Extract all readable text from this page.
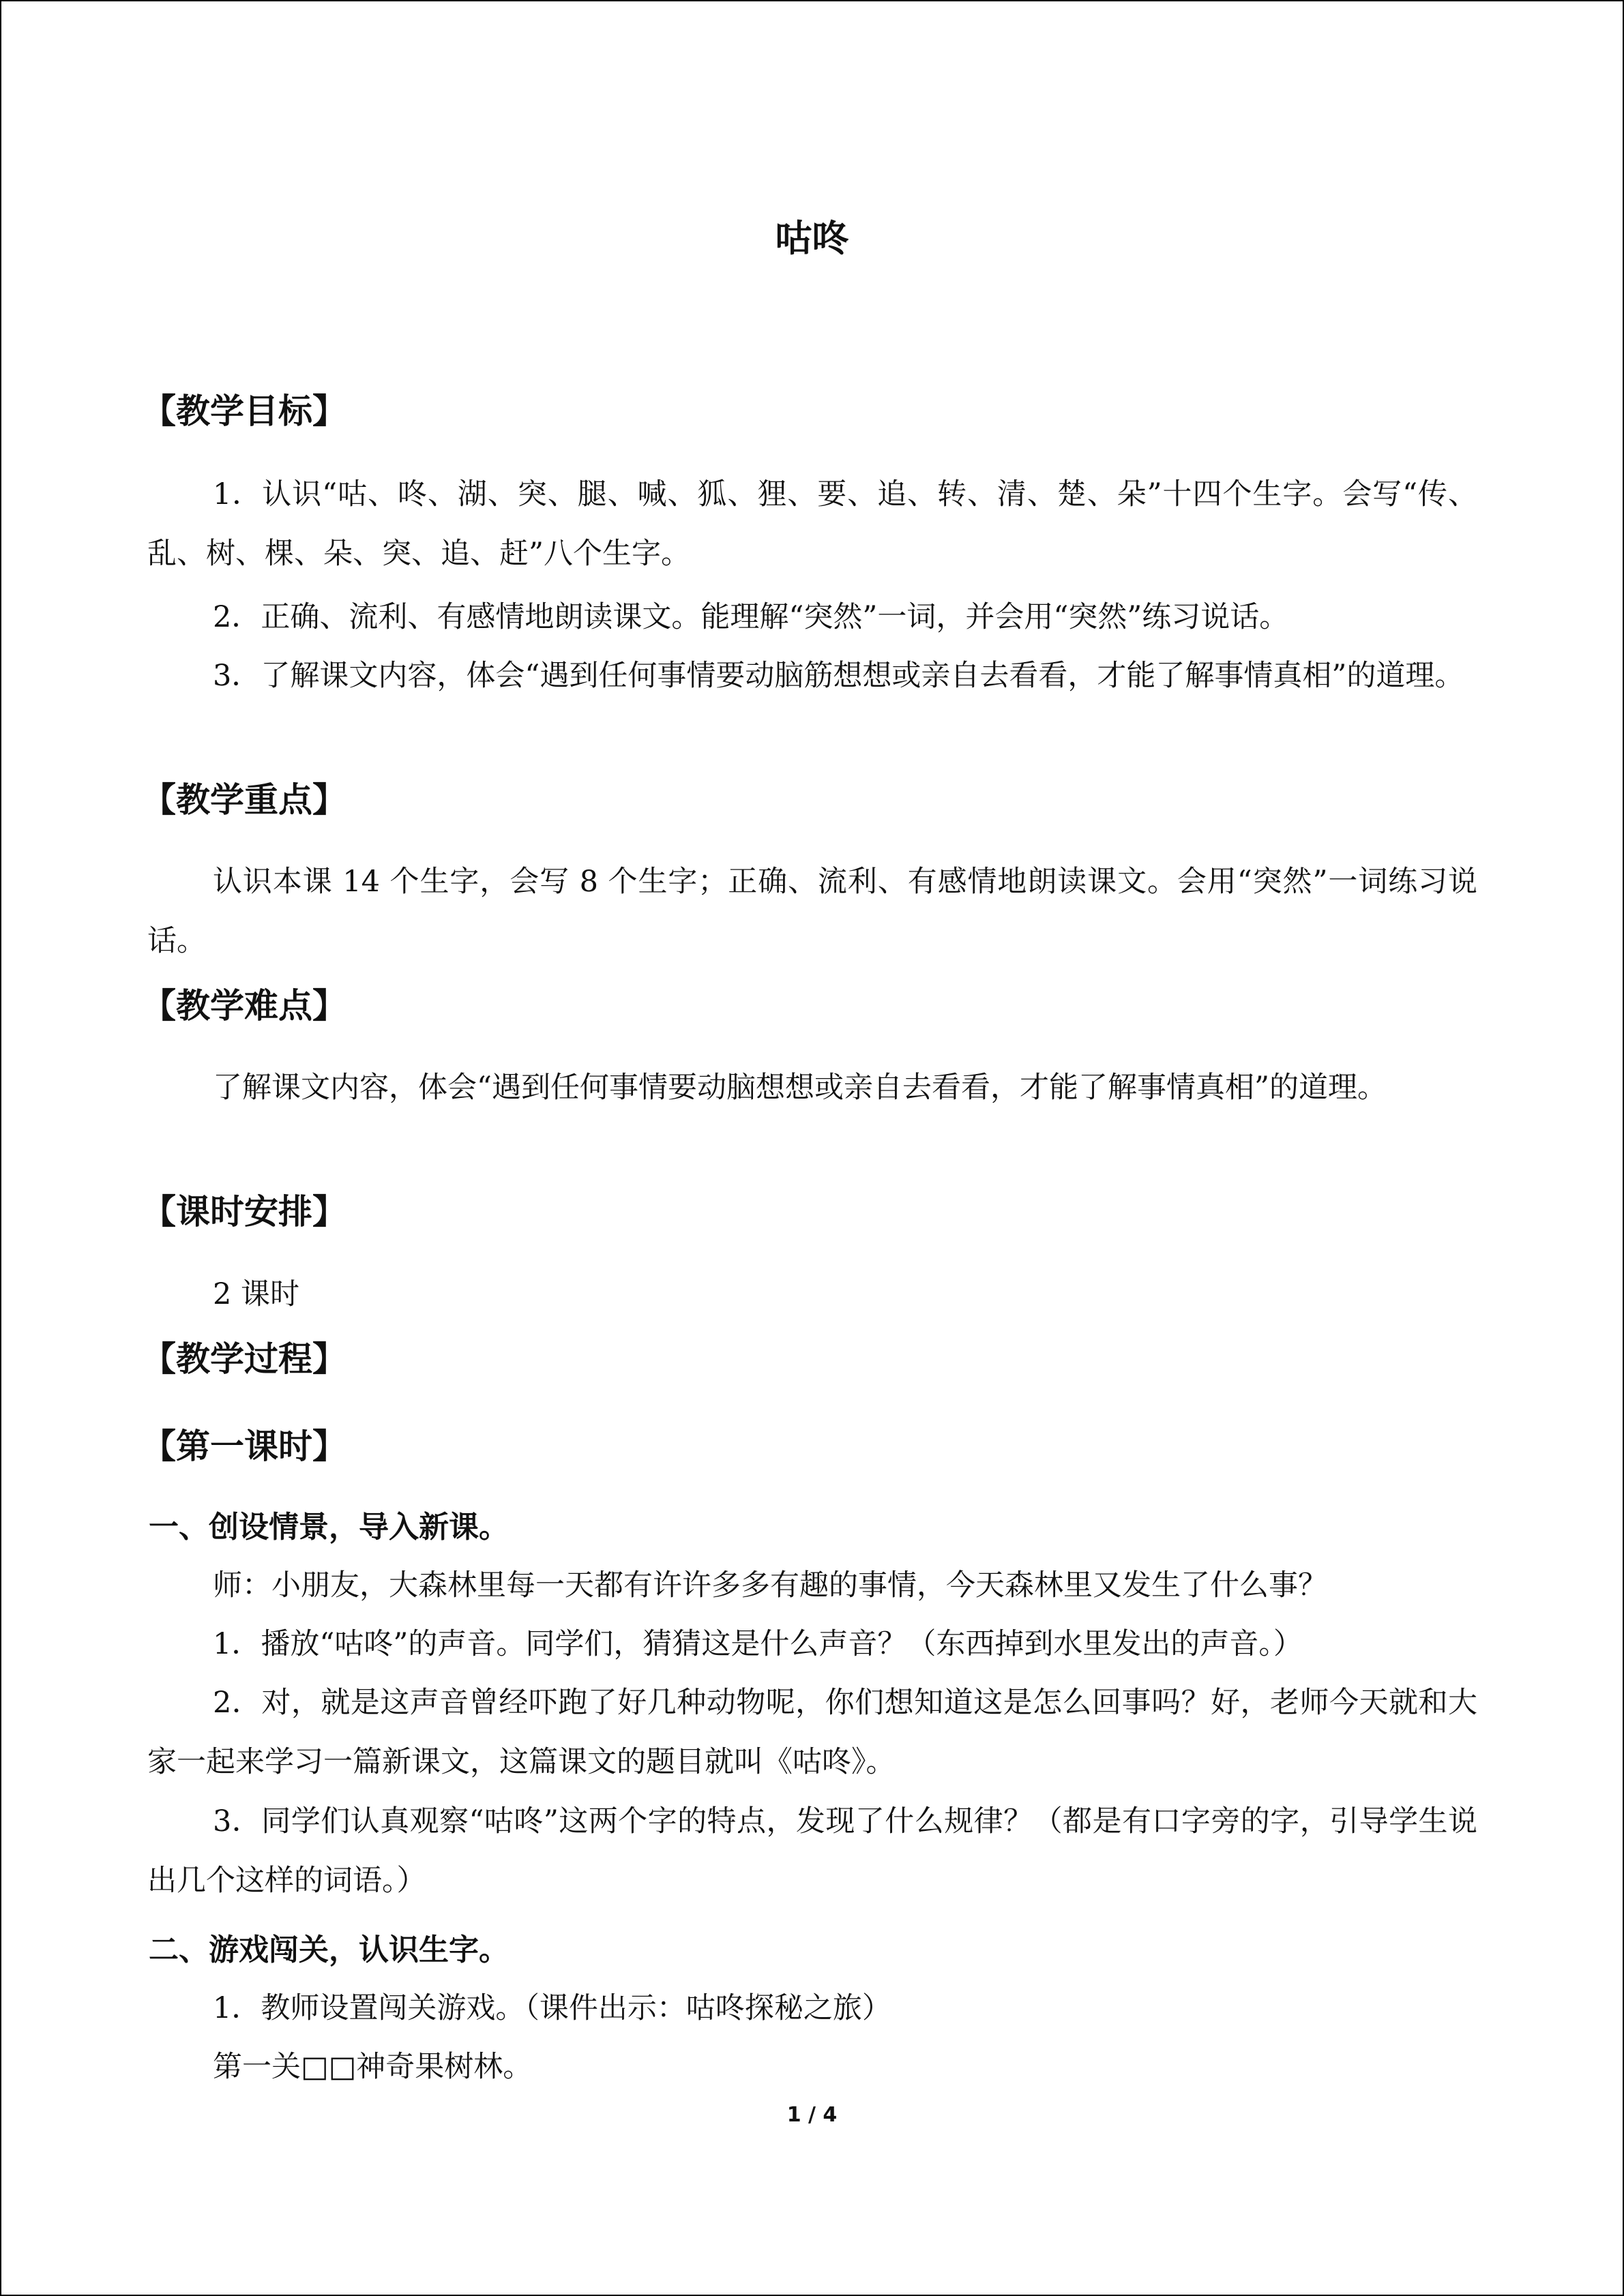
咕咚
【教学目标】
1．认识“咕、咚、湖、突、腿、喊、狐、狸、要、追、转、清、楚、朵”十四个生字。会写“传、乱、树、棵、朵、突、追、赶”八个生字。
2．正确、流利、有感情地朗读课文。能理解“突然”一词，并会用“突然”练习说话。
3．了解课文内容，体会“遇到任何事情要动脑筋想想或亲自去看看，才能了解事情真相”的道理。
【教学重点】
认识本课 14 个生字，会写 8 个生字；正确、流利、有感情地朗读课文。会用“突然”一词练习说话。
【教学难点】
了解课文内容，体会“遇到任何事情要动脑想想或亲自去看看，才能了解事情真相”的道理。
【课时安排】
2 课时
【教学过程】
【第一课时】
一、创设情景，导入新课。
师：小朋友，大森林里每一天都有许许多多有趣的事情，今天森林里又发生了什么事？
1．播放“咕咚”的声音。同学们，猜猜这是什么声音？（东西掉到水里发出的声音。）
2．对，就是这声音曾经吓跑了好几种动物呢，你们想知道这是怎么回事吗？好，老师今天就和大家一起来学习一篇新课文，这篇课文的题目就叫《咕咚》。
3．同学们认真观察“咕咚”这两个字的特点，发现了什么规律？（都是有口字旁的字，引导学生说出几个这样的词语。）
二、游戏闯关，认识生字。
1．教师设置闯关游戏。（课件出示：咕咚探秘之旅）
第一关□□神奇果树林。
1 / 4
